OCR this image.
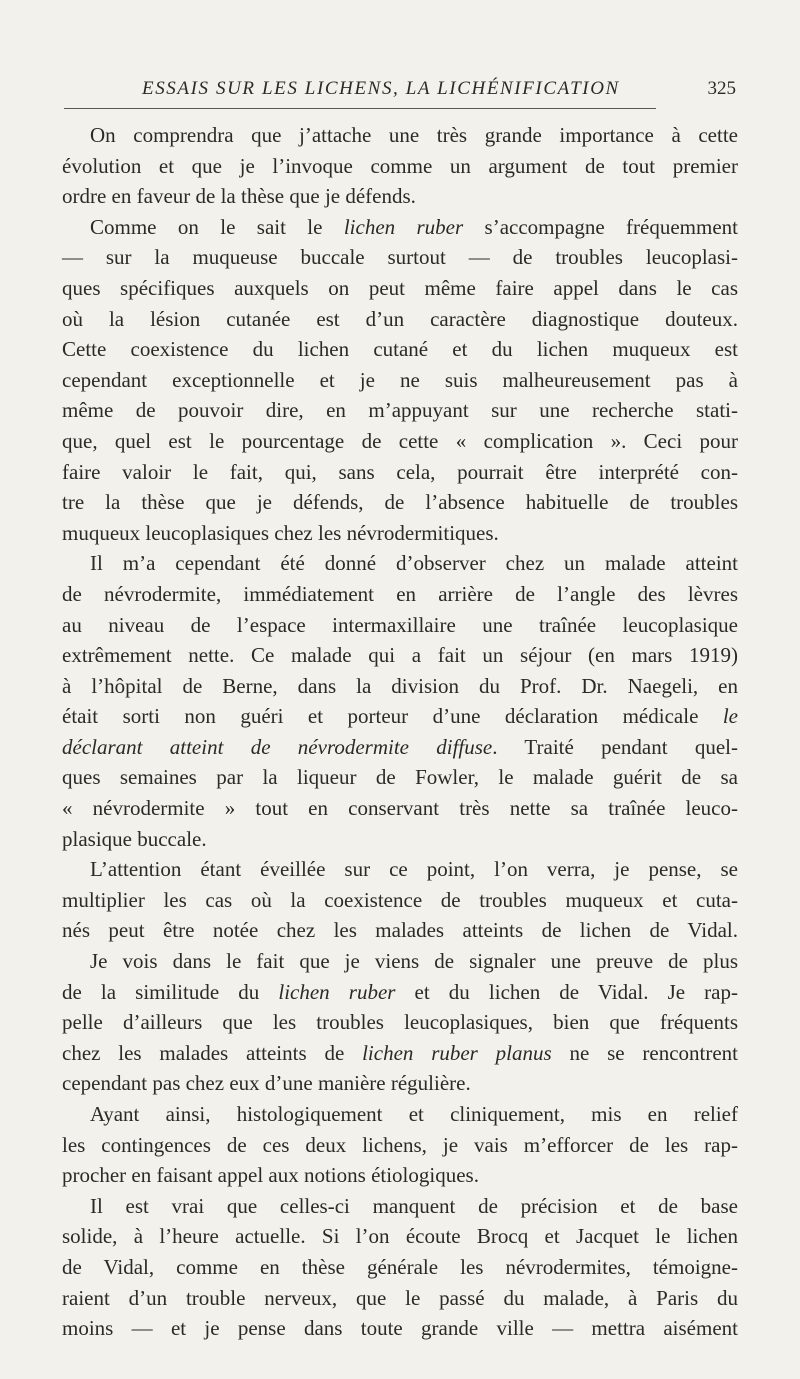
ESSAIS SUR LES LICHENS, LA LICHÉNIFICATION	325
On comprendra que j’attache une très grande importance à cette
évolution et que je l’invoque comme un argument de tout premier
ordre en faveur de la thèse que je défends.
Comme on le sait le lichen ruber s’accompagne fréquemment
— sur la muqueuse buccale surtout — de troubles leucoplasi-
ques spécifiques auxquels on peut même faire appel dans le cas
où la lésion cutanée est d’un caractère diagnostique douteux.
Cette coexistence du lichen cutané et du lichen muqueux est
cependant exceptionnelle et je ne suis malheureusement pas à
même de pouvoir dire, en m’appuyant sur une recherche stati-
que, quel est le pourcentage de cette « complication ». Ceci pour
faire valoir le fait, qui, sans cela, pourrait être interprété con-
tre la thèse que je défends, de l’absence habituelle de troubles
muqueux leucoplasiques chez les névrodermitiques.
Il m’a cependant été donné d’observer chez un malade atteint
de névrodermite, immédiatement en arrière de l’angle des lèvres
au niveau de l’espace intermaxillaire une traînée leucoplasique
extrêmement nette. Ce malade qui a fait un séjour (en mars 1919)
à l’hôpital de Berne, dans la division du Prof. Dr. Naegeli, en
était sorti non guéri et porteur d’une déclaration médicale le
déclarant atteint de névrodermite diffuse. Traité pendant quel-
ques semaines par la liqueur de Fowler, le malade guérit de sa
« névrodermite » tout en conservant très nette sa traînée leuco-
plasique buccale.
L’attention étant éveillée sur ce point, l’on verra, je pense, se
multiplier les cas où la coexistence de troubles muqueux et cuta-
nés peut être notée chez les malades atteints de lichen de Vidal.
Je vois dans le fait que je viens de signaler une preuve de plus
de la similitude du lichen ruber et du lichen de Vidal. Je rap-
pelle d’ailleurs que les troubles leucoplasiques, bien que fréquents
chez les malades atteints de lichen ruber planus ne se rencontrent
cependant pas chez eux d’une manière régulière.
Ayant ainsi, histologiquement et cliniquement, mis en relief
les contingences de ces deux lichens, je vais m’efforcer de les rap-
procher en faisant appel aux notions étiologiques.
Il est vrai que celles-ci manquent de précision et de base
solide, à l’heure actuelle. Si l’on écoute Brocq et Jacquet le lichen
de Vidal, comme en thèse générale les névrodermites, témoigne-
raient d’un trouble nerveux, que le passé du malade, à Paris du
moins — et je pense dans toute grande ville — mettra aisément
